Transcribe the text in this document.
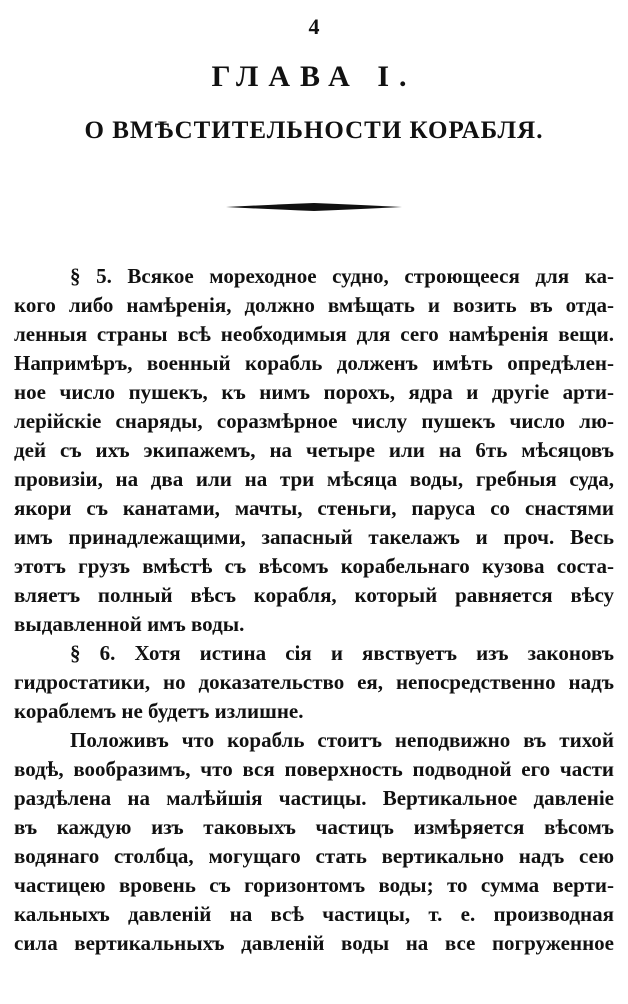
4
ГЛАВА I.
О ВМѢСТИТЕЛЬНОСТИ КОРАБЛЯ.
§ 5. Всякое мореходное судно, строющееся для ка-
кого либо намѣренія, должно вмѣщать и возить въ отда-
ленныя страны всѣ необходимыя для сего намѣренія вещи.
Напримѣръ, военный корабль долженъ имѣть опредѣлен-
ное число пушекъ, къ нимъ порохъ, ядра и другіе арти-
лерійскіе снаряды, соразмѣрное числу пушекъ число лю-
дей съ ихъ экипажемъ, на четыре или на 6ть мѣсяцовъ
провизіи, на два или на три мѣсяца воды, гребныя суда,
якори съ канатами, мачты, стеньги, паруса со снастями
имъ принадлежащими, запасный такелажъ и проч. Весь
этотъ грузъ вмѣстѣ съ вѣсомъ корабельнаго кузова соста-
вляетъ полный вѣсъ корабля, который равняется вѣсу
выдавленной имъ воды.
§ 6. Хотя истина сія и явствуетъ изъ законовъ
гидростатики, но доказательство ея, непосредственно надъ
кораблемъ не будетъ излишне.
Положивъ что корабль стоитъ неподвижно въ тихой
водѣ, вообразимъ, что вся поверхность подводной его части
раздѣлена на малѣйшія частицы. Вертикальное давленіе
въ каждую изъ таковыхъ частицъ измѣряется вѣсомъ
водянаго столбца, могущаго стать вертикально надъ сею
частицею вровень съ горизонтомъ воды; то сумма верти-
кальныхъ давленій на всѣ частицы, т. е. производная
сила вертикальныхъ давленій воды на все погруженное
